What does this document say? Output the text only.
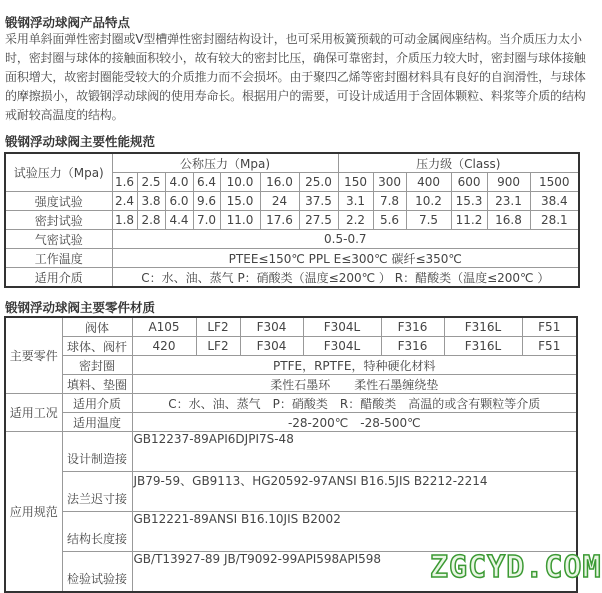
锻钢浮动球阀产品特点
采用单斜面弹性密封圈或V型槽弹性密封圈结构设计，也可采用板簧预载的可动金属阀座结构。当介质压力太小时，密封圈与球体的接触面积较小，故有较大的密封比压，确保可靠密封，介质压力较大时，密封圈与球体接触面积增大，故密封圈能受较大的介质推力而不会损坏。由于聚四乙烯等密封圈材料具有良好的自润滑性，与球体的摩擦损小，故锻钢浮动球阀的使用寿命长。根据用户的需要，可设计成适用于含固体颗粒、料浆等介质的结构戒耐较高温度的结构。
锻钢浮动球阀主要性能规范
试验压力（Mpa)	公称压力（Mpa)							压力级（Class)					
	1.6	2.5	4.0	6.4	10.0	16.0	25.0	150	300	400	600	900	1500
强度试验	2.4	3.8	6.0	9.6	15.0	24	37.5	3.1	7.8	10.2	15.3	23.1	38.4
密封试验	1.8	2.8	4.4	7.0	11.0	17.6	27.5	2.2	5.6	7.5	11.2	16.8	28.1
气密试验	0.5-0.7												
工作温度	PTEE≤150℃ PPL E≤300℃ 碳纤≤350℃												
适用介质	C：水、油、蒸气 P：硝酸类（温度≤200℃ ） R：醋酸类（温度≤200℃ ）												
锻钢浮动球阀主要零件材质
主要零件	阀体	A105	LF2	F304	F304L	F316	F316L	F51
	球体、阀杆	420	LF2	F304	F304L	F316	F316L	F51
	密封圈	PTFE，RPTFE，特种硬化材料						
	填料、垫圈	柔性石墨环　　柔性石墨缠绕垫						
适用工况	适用介质	C：水、油、蒸气　P：硝酸类　R：醋酸类　高温的或含有颗粒等介质						
	适用温度	-28-200℃　-28-500℃						
应用规范	设计制造接	GB12237-89API6DJPI7S-48						
	法兰迟寸接	JB79-59、GB9113、HG20592-97ANSI B16.5JIS B2212-2214						
	结构长度接	GB12221-89ANSI B16.10JIS B2002						
	检验试验接	GB/T13927-89 JB/T9092-99API598API598						ZGCYD.COM
